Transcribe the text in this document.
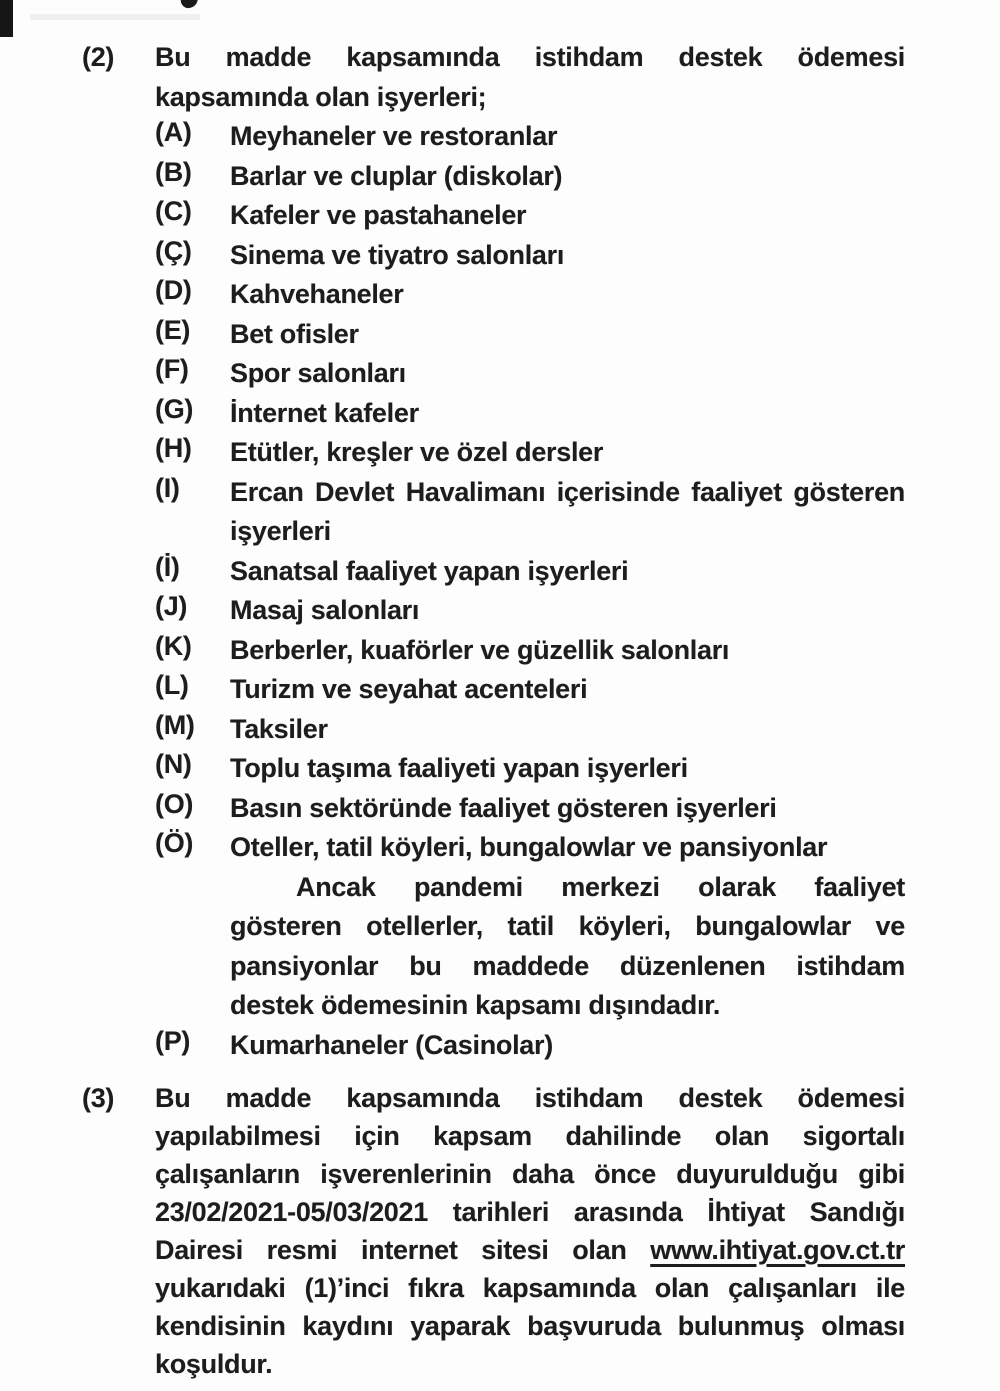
(2)	Bu madde kapsamında istihdam destek ödemesi
kapsamında olan işyerleri;
(A)	Meyhaneler ve restoranlar
(B)	Barlar ve cluplar (diskolar)
(C)	Kafeler ve pastahaneler
(Ç)	Sinema ve tiyatro salonları
(D)	Kahvehaneler
(E)	Bet ofisler
(F)	Spor salonları
(G)	İnternet kafeler
(H)	Etütler, kreşler ve özel dersler
(I)	Ercan Devlet Havalimanı içerisinde faaliyet gösteren
işyerleri
(İ)	Sanatsal faaliyet yapan işyerleri
(J)	Masaj salonları
(K)	Berberler, kuaförler ve güzellik salonları
(L)	Turizm ve seyahat acenteleri
(M)	Taksiler
(N)	Toplu taşıma faaliyeti yapan işyerleri
(O)	Basın sektöründe faaliyet gösteren işyerleri
(Ö)	Oteller, tatil köyleri, bungalowlar ve pansiyonlar
Ancak pandemi merkezi olarak faaliyet
gösteren otellerler, tatil köyleri, bungalowlar ve
pansiyonlar bu maddede düzenlenen istihdam
destek ödemesinin kapsamı dışındadır.
(P)	Kumarhaneler (Casinolar)
(3)	Bu madde kapsamında istihdam destek ödemesi
yapılabilmesi için kapsam dahilinde olan sigortalı
çalışanların işverenlerinin daha önce duyurulduğu gibi
23/02/2021-05/03/2021 tarihleri arasında İhtiyat Sandığı
Dairesi resmi internet sitesi olan www.ihtiyat.gov.ct.tr
yukarıdaki (1)’inci fıkra kapsamında olan çalışanları ile
kendisinin kaydını yaparak başvuruda bulunmuş olması
koşuldur.
